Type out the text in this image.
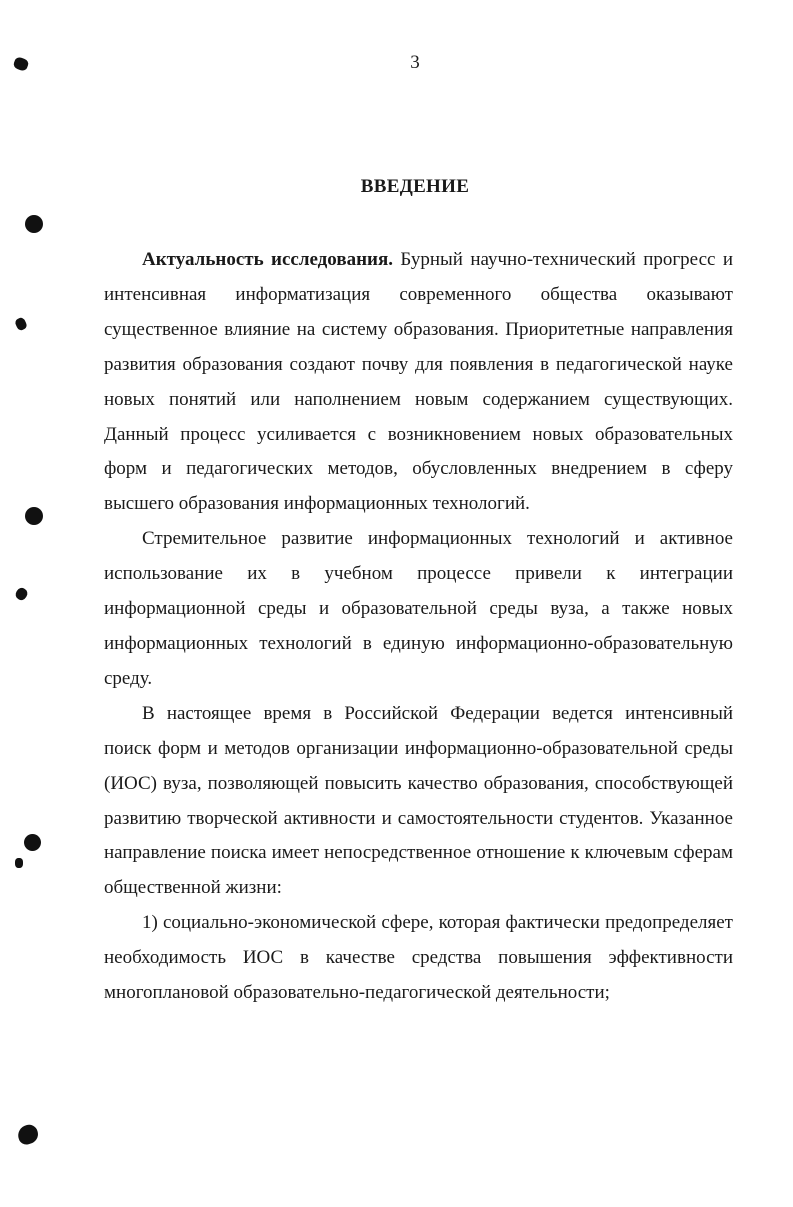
3
ВВЕДЕНИЕ

Актуальность исследования. Бурный научно-технический прогресс и интенсивная информатизация современного общества оказывают существенное влияние на систему образования. Приоритетные направления развития образования создают почву для появления в педагогической науке новых понятий или наполнением новым содержанием существующих. Данный процесс усиливается с возникновением новых образовательных форм и педагогических методов, обусловленных внедрением в сферу высшего образования информационных технологий.

Стремительное развитие информационных технологий и активное использование их в учебном процессе привели к интеграции информационной среды и образовательной среды вуза, а также новых информационных технологий в единую информационно-образовательную среду.

В настоящее время в Российской Федерации ведется интенсивный поиск форм и методов организации информационно-образовательной среды (ИОС) вуза, позволяющей повысить качество образования, способствующей развитию творческой активности и самостоятельности студентов. Указанное направление поиска имеет непосредственное отношение к ключевым сферам общественной жизни:

1) социально-экономической сфере, которая фактически предопределяет необходимость ИОС в качестве средства повышения эффективности многоплановой образовательно-педагогической деятельности;
